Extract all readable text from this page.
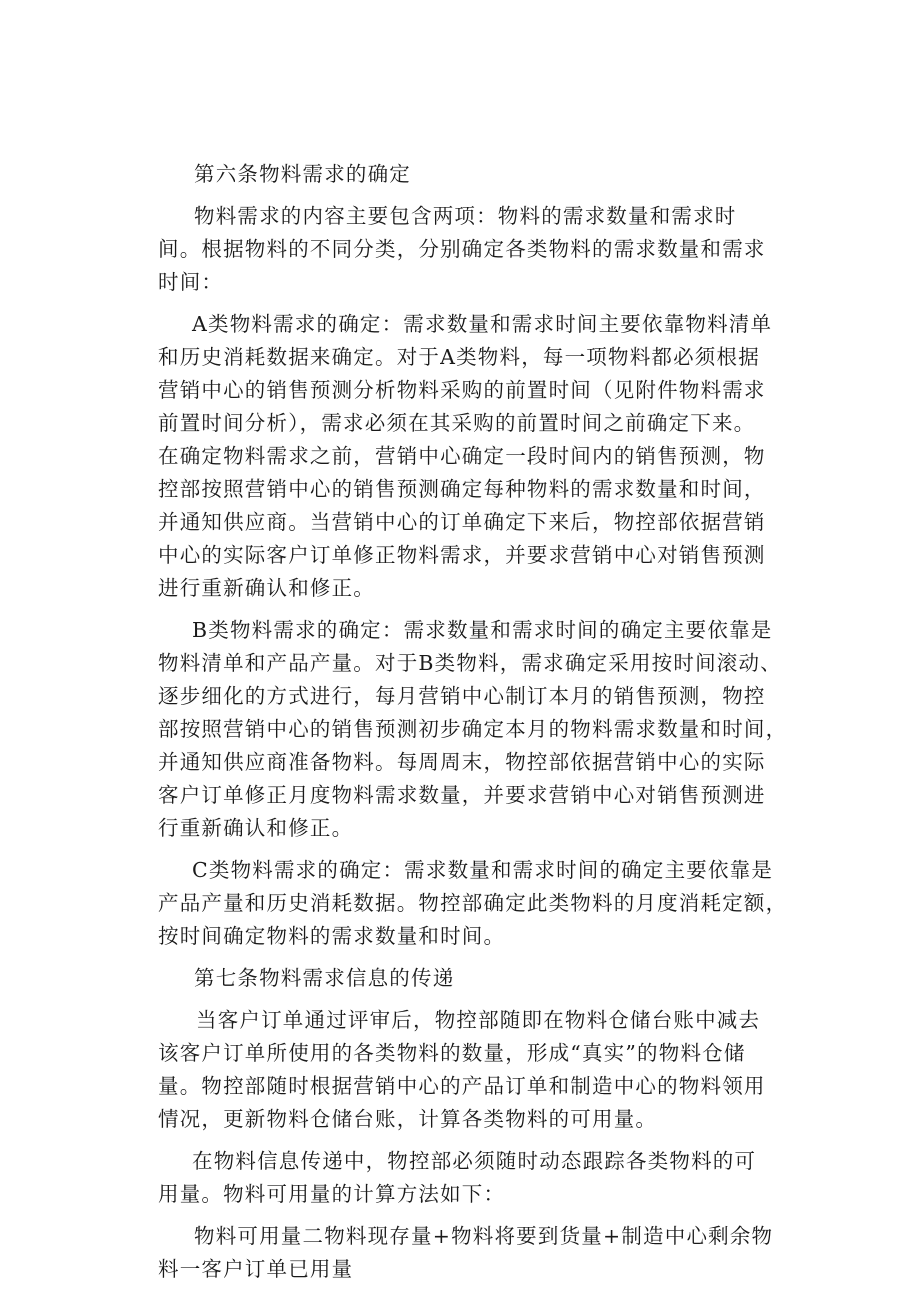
第六条物料需求的确定
物料需求的内容主要包含两项：物料的需求数量和需求时
间。根据物料的不同分类，分别确定各类物料的需求数量和需求
时间：
A类物料需求的确定：需求数量和需求时间主要依靠物料清单
和历史消耗数据来确定。对于A类物料，每一项物料都必须根据
营销中心的销售预测分析物料采购的前置时间（见附件物料需求
前置时间分析），需求必须在其采购的前置时间之前确定下来。
在确定物料需求之前，营销中心确定一段时间内的销售预测，物
控部按照营销中心的销售预测确定每种物料的需求数量和时间，
并通知供应商。当营销中心的订单确定下来后，物控部依据营销
中心的实际客户订单修正物料需求，并要求营销中心对销售预测
进行重新确认和修正。
B类物料需求的确定：需求数量和需求时间的确定主要依靠是
物料清单和产品产量。对于B类物料，需求确定采用按时间滚动、
逐步细化的方式进行，每月营销中心制订本月的销售预测，物控
部按照营销中心的销售预测初步确定本月的物料需求数量和时间，
并通知供应商准备物料。每周周末，物控部依据营销中心的实际
客户订单修正月度物料需求数量，并要求营销中心对销售预测进
行重新确认和修正。
C类物料需求的确定：需求数量和需求时间的确定主要依靠是
产品产量和历史消耗数据。物控部确定此类物料的月度消耗定额，
按时间确定物料的需求数量和时间。
第七条物料需求信息的传递
当客户订单通过评审后，物控部随即在物料仓储台账中减去
该客户订单所使用的各类物料的数量，形成“真实”的物料仓储
量。物控部随时根据营销中心的产品订单和制造中心的物料领用
情况，更新物料仓储台账，计算各类物料的可用量。
在物料信息传递中，物控部必须随时动态跟踪各类物料的可
用量。物料可用量的计算方法如下：
物料可用量二物料现存量+物料将要到货量+制造中心剩余物
料一客户订单已用量
